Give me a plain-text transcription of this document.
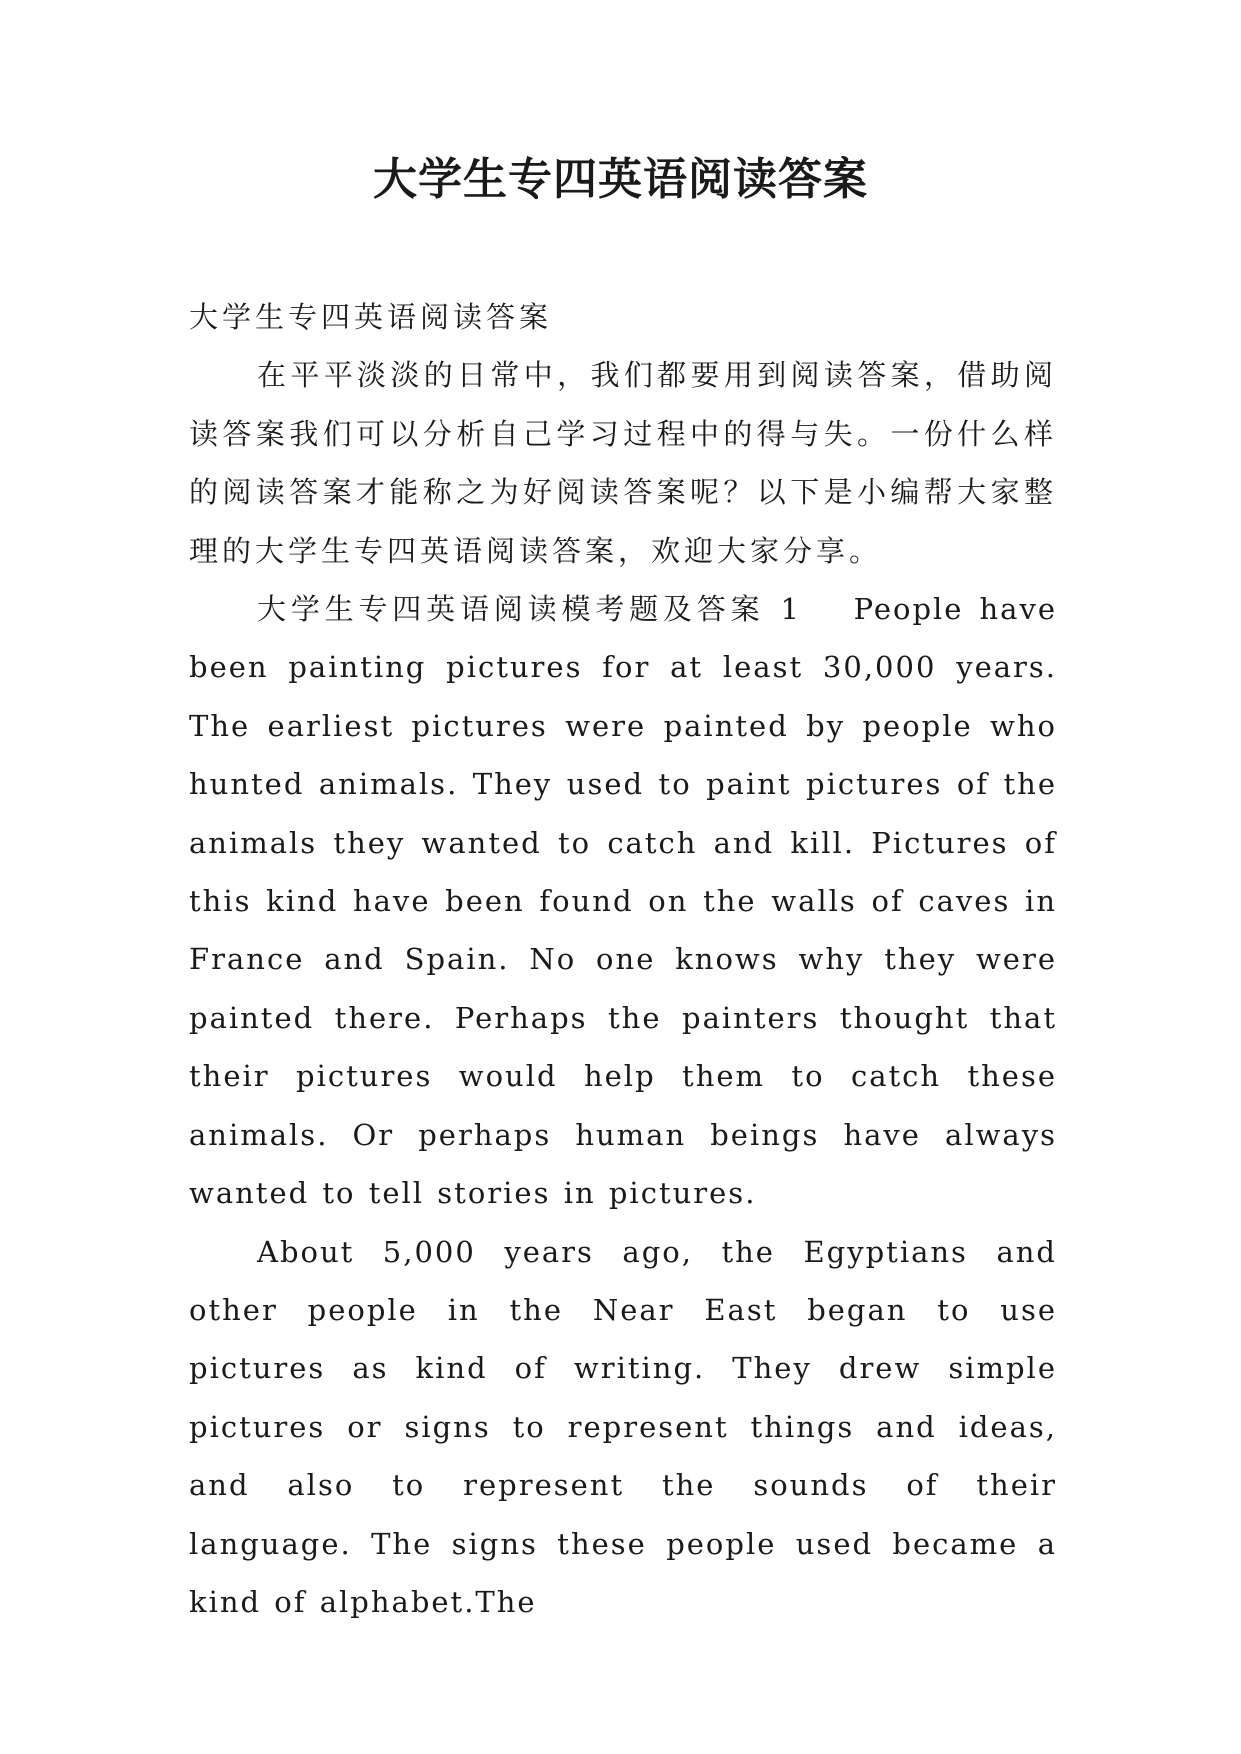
大学生专四英语阅读答案

大学生专四英语阅读答案

在平平淡淡的日常中，我们都要用到阅读答案，借助阅读答案我们可以分析自己学习过程中的得与失。一份什么样的阅读答案才能称之为好阅读答案呢？以下是小编帮大家整理的大学生专四英语阅读答案，欢迎大家分享。

大学生专四英语阅读模考题及答案 1　 People have been painting pictures for at least 30,000 years. The earliest pictures were painted by people who hunted animals. They used to paint pictures of the animals they wanted to catch and kill. Pictures of this kind have been found on the walls of caves in France and Spain. No one knows why they were painted there. Perhaps the painters thought that their pictures would help them to catch these animals. Or perhaps human beings have always wanted to tell stories in pictures.

About 5,000 years ago, the Egyptians and other people in the Near East began to use pictures as kind of writing. They drew simple pictures or signs to represent things and ideas, and also to represent the sounds of their language. The signs these people used became a kind of alphabet.The
